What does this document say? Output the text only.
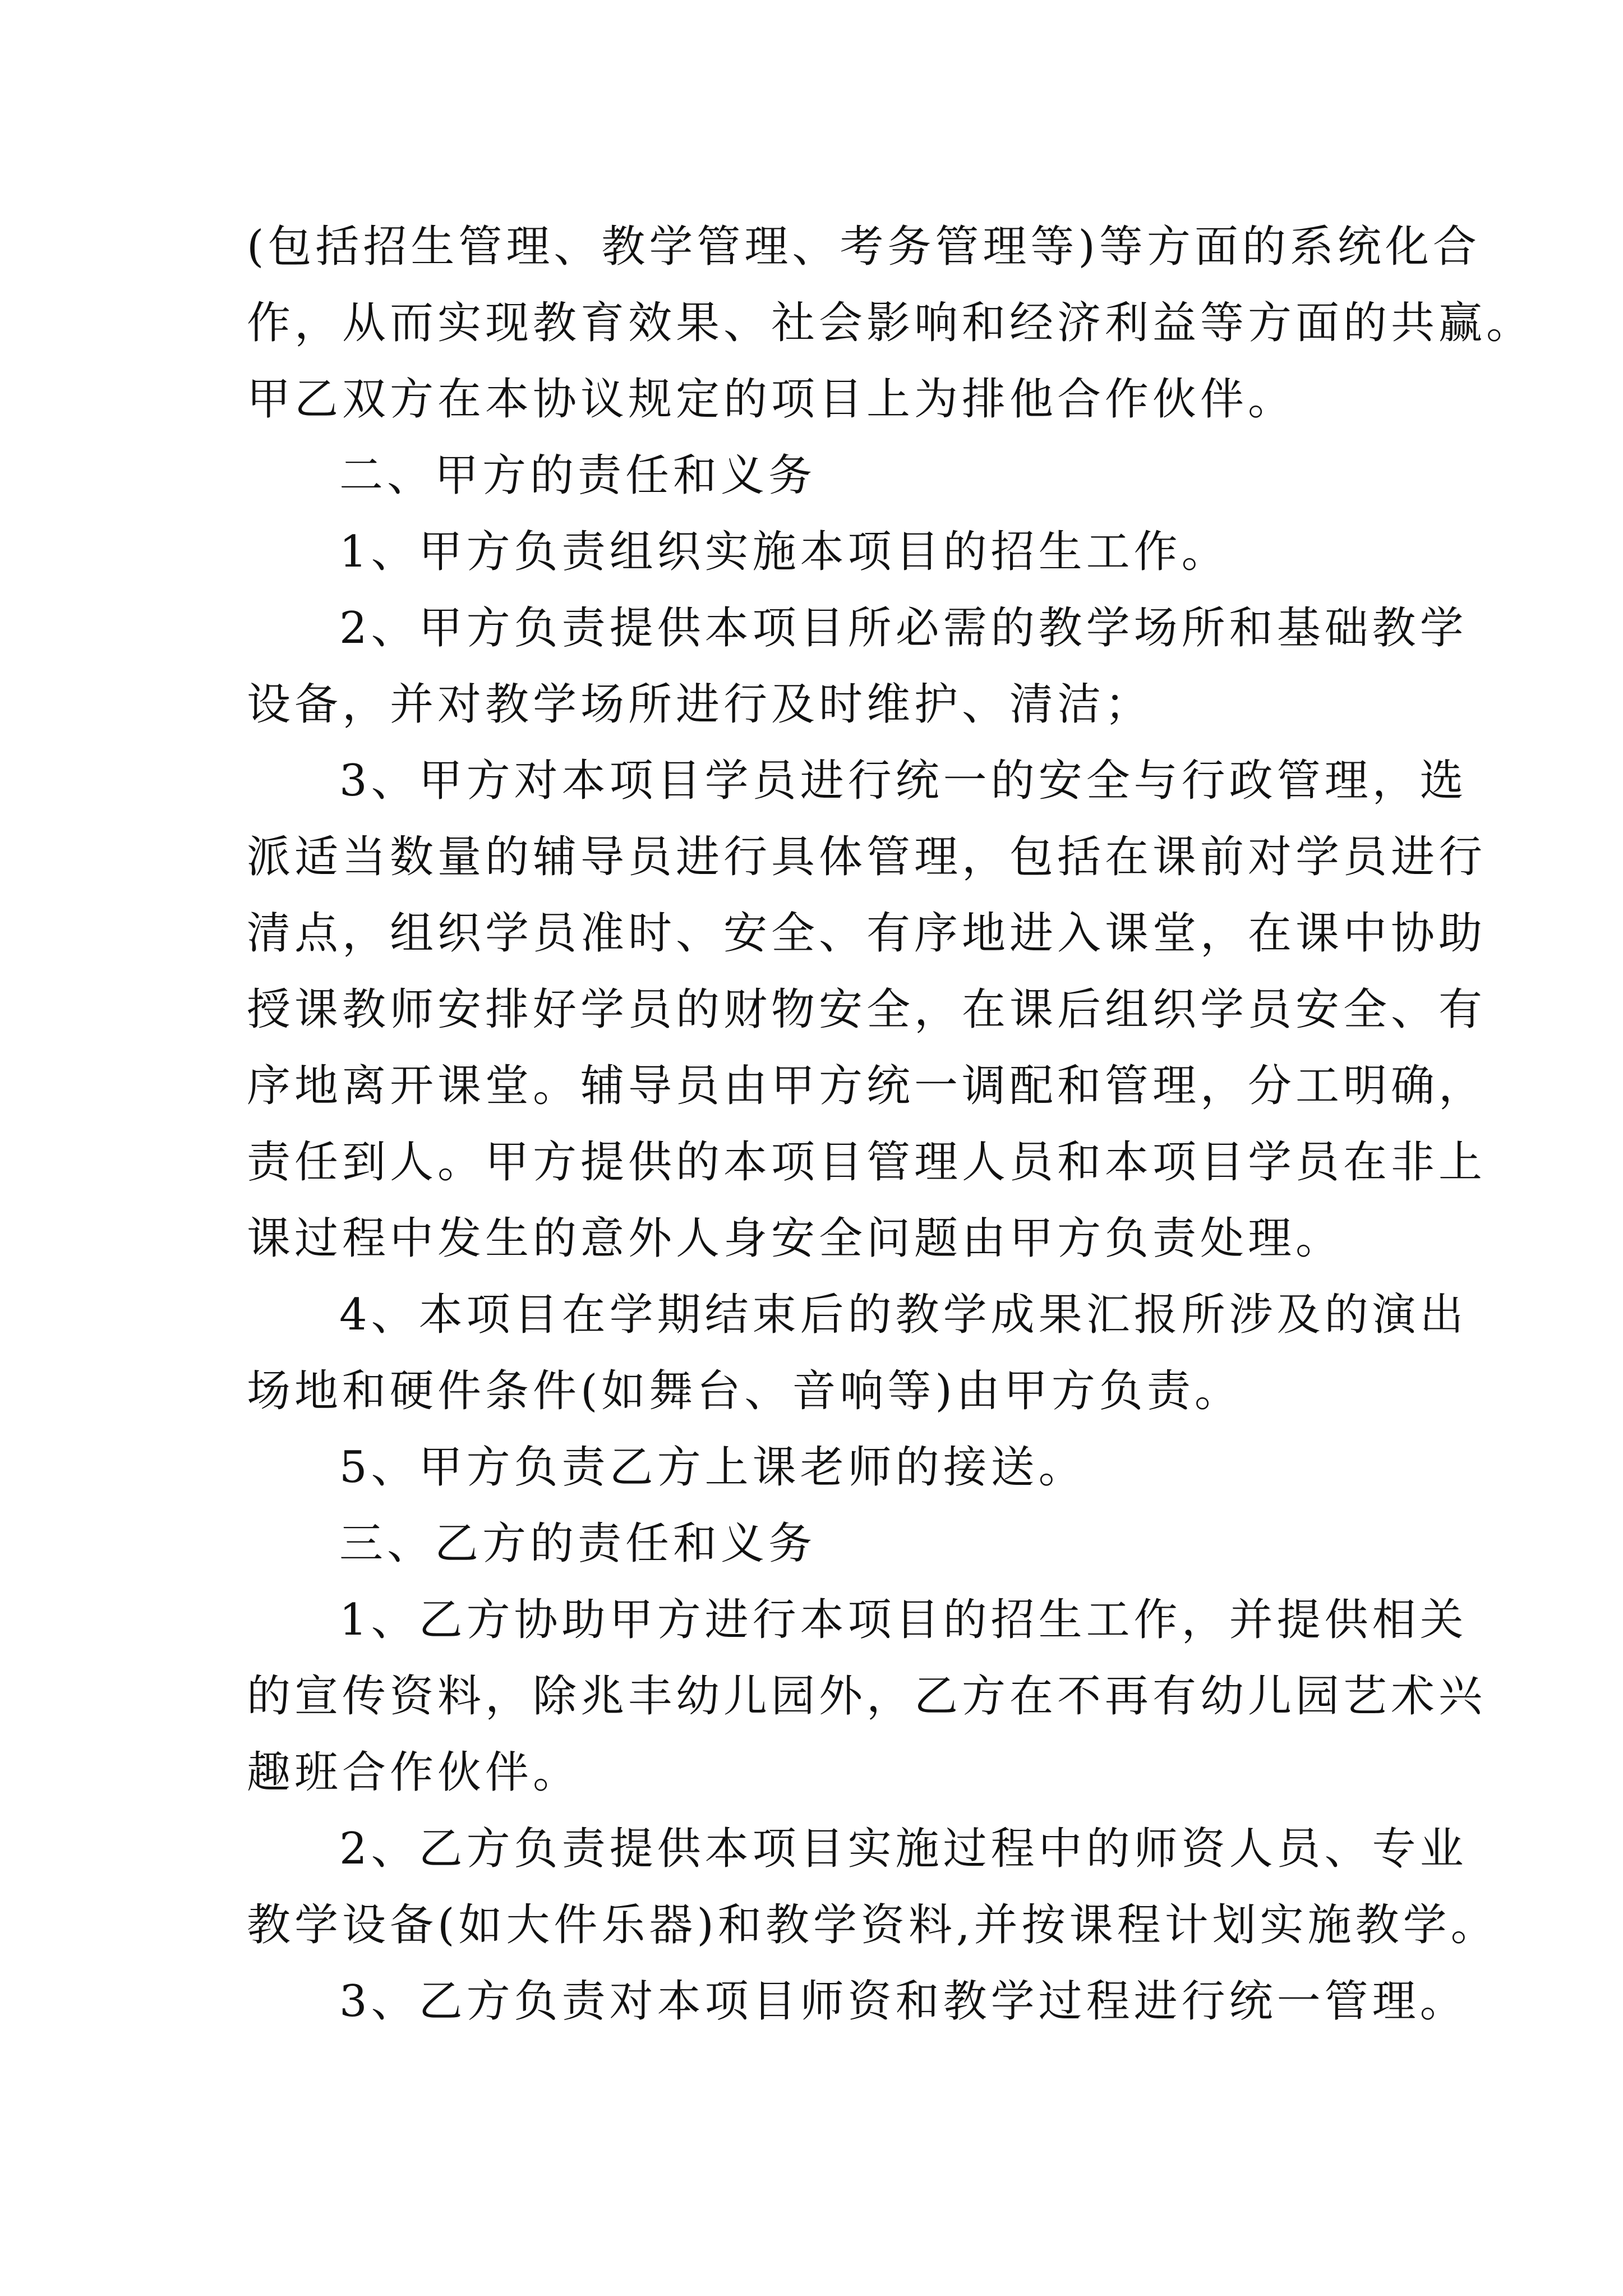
(包括招生管理、教学管理、考务管理等)等方面的系统化合
作，从而实现教育效果、社会影响和经济利益等方面的共赢。
甲乙双方在本协议规定的项目上为排他合作伙伴。
二、甲方的责任和义务
1、甲方负责组织实施本项目的招生工作。
2、甲方负责提供本项目所必需的教学场所和基础教学
设备，并对教学场所进行及时维护、清洁；
3、甲方对本项目学员进行统一的安全与行政管理，选
派适当数量的辅导员进行具体管理，包括在课前对学员进行
清点，组织学员准时、安全、有序地进入课堂，在课中协助
授课教师安排好学员的财物安全，在课后组织学员安全、有
序地离开课堂。辅导员由甲方统一调配和管理，分工明确，
责任到人。甲方提供的本项目管理人员和本项目学员在非上
课过程中发生的意外人身安全问题由甲方负责处理。
4、本项目在学期结束后的教学成果汇报所涉及的演出
场地和硬件条件(如舞台、音响等)由甲方负责。
5、甲方负责乙方上课老师的接送。
三、乙方的责任和义务
1、乙方协助甲方进行本项目的招生工作，并提供相关
的宣传资料，除兆丰幼儿园外，乙方在不再有幼儿园艺术兴
趣班合作伙伴。
2、乙方负责提供本项目实施过程中的师资人员、专业
教学设备(如大件乐器)和教学资料,并按课程计划实施教学。
3、乙方负责对本项目师资和教学过程进行统一管理。
